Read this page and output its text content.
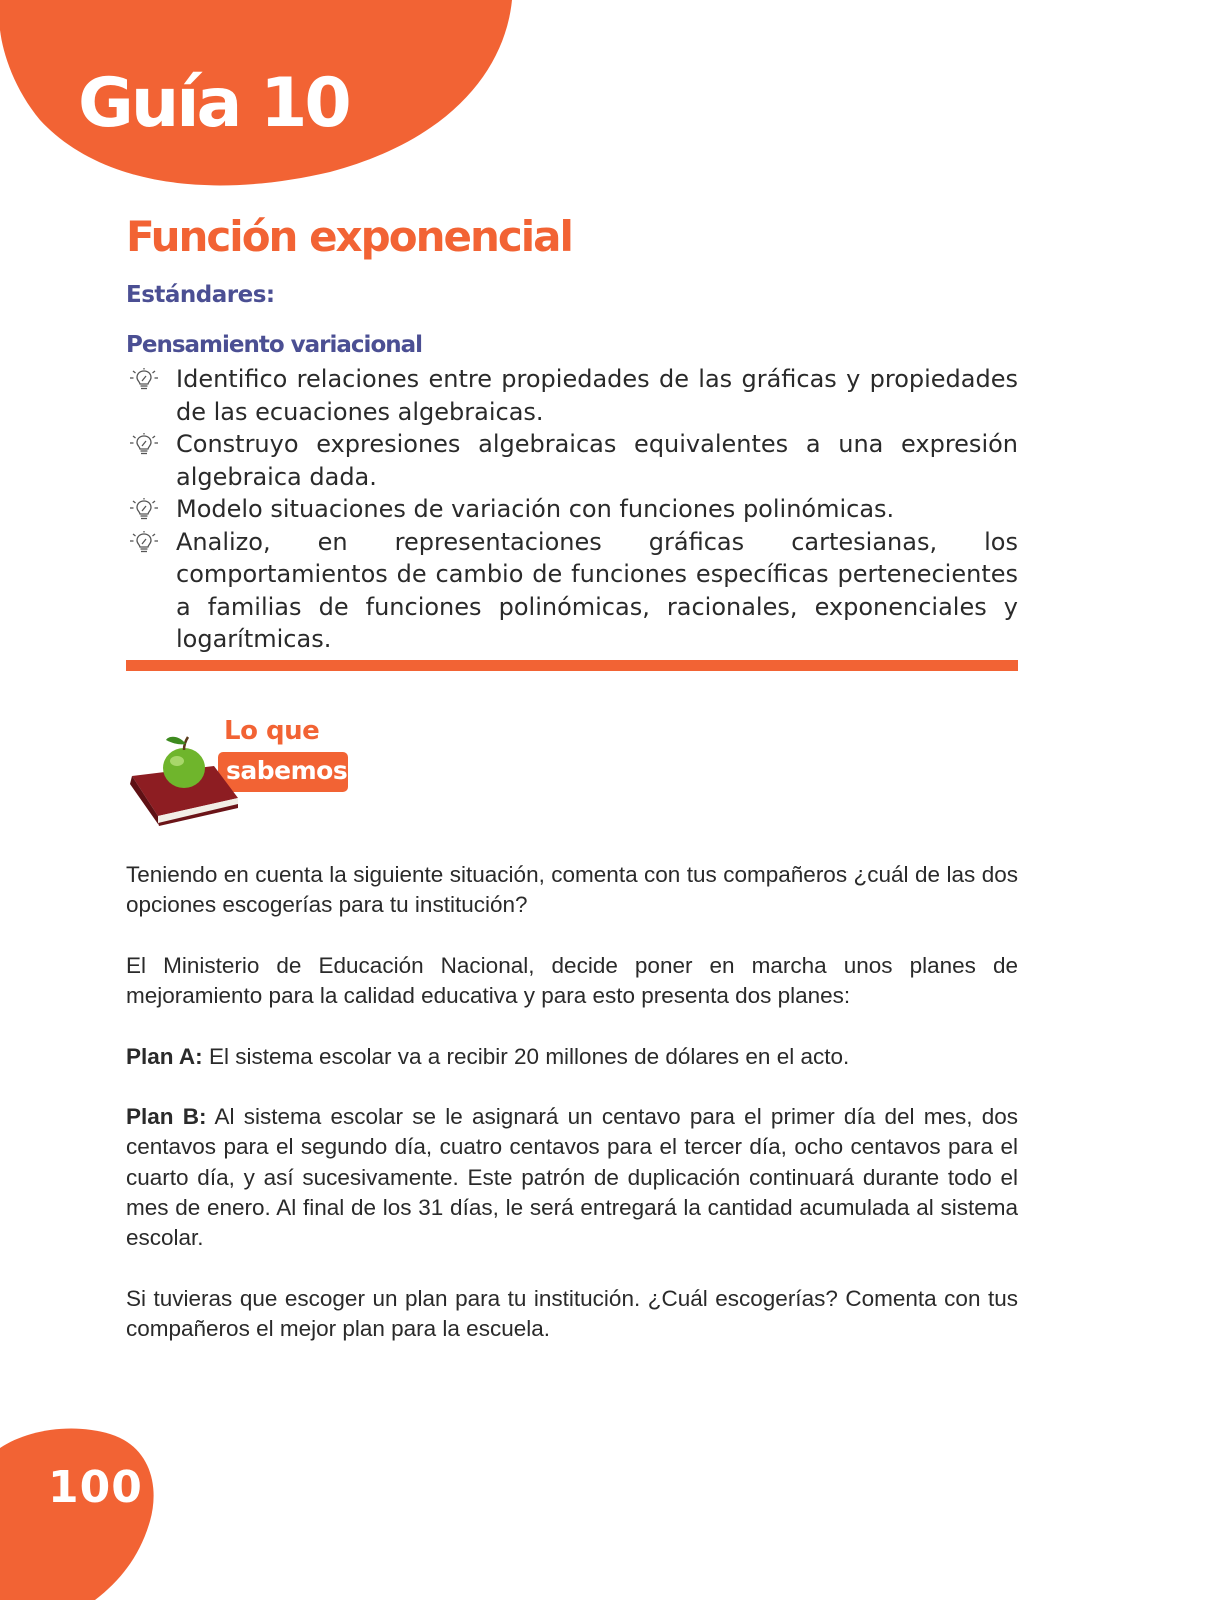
Guía 10
Función exponencial
Estándares:
Pensamiento variacional
Identifico relaciones entre propiedades de las gráficas y propiedades de las ecuaciones algebraicas.
Construyo expresiones algebraicas equivalentes a una expresión algebraica dada.
Modelo situaciones de variación con funciones polinómicas.
Analizo, en representaciones gráficas cartesianas, los comportamientos de cambio de funciones específicas pertenecientes a familias de funciones polinómicas, racionales, exponenciales y logarítmicas.
Lo que
sabemos

Teniendo en cuenta la siguiente situación, comenta con tus compañeros ¿cuál de las dos opciones escogerías para tu institución?

El Ministerio de Educación Nacional, decide poner en marcha unos planes de mejoramiento para la calidad educativa y para esto presenta dos planes:

Plan A: El sistema escolar va a recibir 20 millones de dólares en el acto.

Plan B: Al sistema escolar se le asignará un centavo para el primer día del mes, dos centavos para el segundo día, cuatro centavos para el tercer día, ocho centavos para el cuarto día, y así sucesivamente. Este patrón de duplicación continuará durante todo el mes de enero. Al final de los 31 días, le será entregará la cantidad acumulada al sistema escolar.

Si tuvieras que escoger un plan para tu institución. ¿Cuál escogerías? Comenta con tus compañeros el mejor plan para la escuela.

100
